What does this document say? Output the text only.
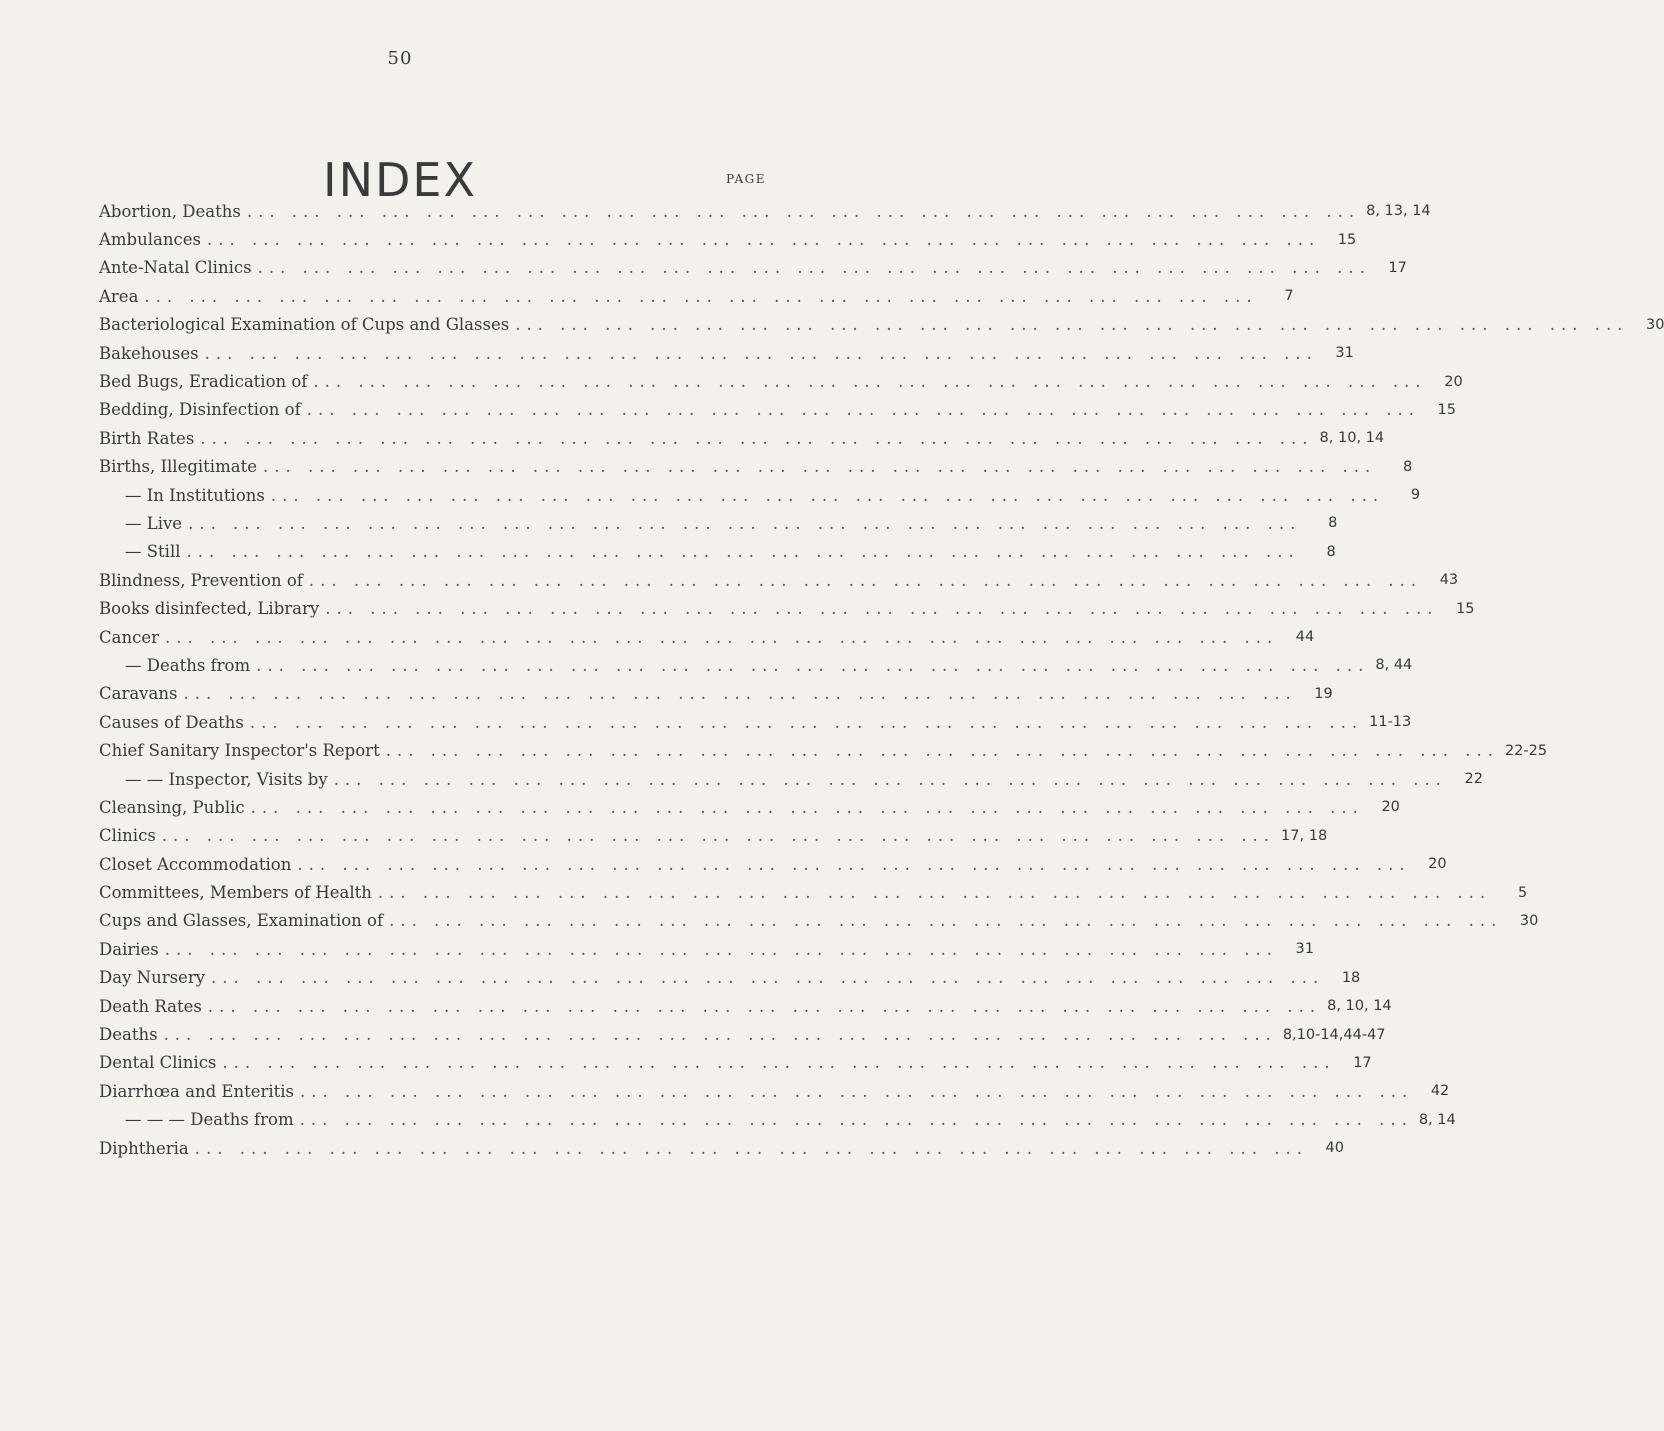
50
INDEX	PAGE
Abortion, Deaths ... .	8, 13, 14
Ambulances ... .	15
Ante-Natal Clinics ... .	17
Area ... .	7
Bacteriological Examination of Cups and Glasses ... .	30
Bakehouses ... .	31
Bed Bugs, Eradication of ... .	20
Bedding, Disinfection of ... .	15
Birth Rates ... .	8, 10, 14
Births, Illegitimate ... .	8
— In Institutions ... .	9
— Live ... .	8
— Still ... .	8
Blindness, Prevention of ... .	43
Books disinfected, Library ... .	15
Cancer ... .	44
— Deaths from ... .	8, 44
Caravans ... .	19
Causes of Deaths ... .	11-13
Chief Sanitary Inspector's Report ... .	22-25
— — Inspector, Visits by ... .	22
Cleansing, Public ... .	20
Clinics ... .	17, 18
Closet Accommodation ... .	20
Committees, Members of Health ... .	5
Cups and Glasses, Examination of ... .	30
Dairies ... .	31
Day Nursery ... .	18
Death Rates ... .	8, 10, 14
Deaths ... .	8,10-14,44-47
Dental Clinics ... .	17
Diarrhœa and Enteritis ... .	42
— — — Deaths from ... .	8, 14
Diphtheria ... .	40
